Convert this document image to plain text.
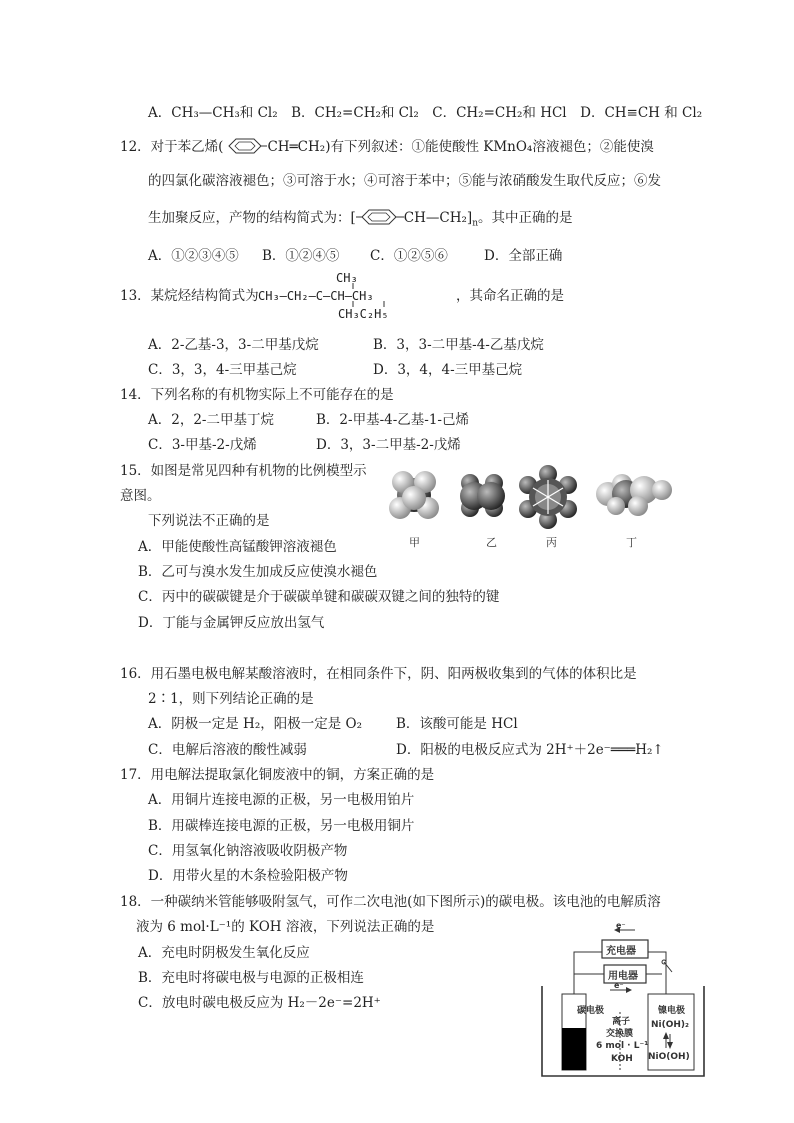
A．CH₃—CH₃和 Cl₂　B．CH₂=CH₂和 Cl₂　C．CH₂=CH₂和 HCl　D．CH≡CH 和 Cl₂
12．对于苯乙烯(	CH═CH₂)有下列叙述：①能使酸性 KMnO₄溶液褪色；②能使溴
的四氯化碳溶液褪色；③可溶于水；④可溶于苯中；⑤能与浓硝酸发生取代反应；⑥发
生加聚反应，产物的结构简式为：[	$CH—CH_2]_n$。其中正确的是
A．①②③④⑤ B．①②④⑤ C．①②⑤⑥	D．全部正确
13．某烷烃结构简式为
CH₃
CH₃—CH₂—C—CH—CH₃
CH₃C₂H₅
，其命名正确的是
A．2-乙基-3，3-二甲基戊烷	B．3，3-二甲基-4-乙基戊烷
C．3，3，4-三甲基己烷	D．3，4，4-三甲基己烷
14．下列名称的有机物实际上不可能存在的是
A．2，2-二甲基丁烷	B．2-甲基-4-乙基-1-己烯
C．3-甲基-2-戊烯	D．3，3-二甲基-2-戊烯
15．如图是常见四种有机物的比例模型示
意图。
下列说法不正确的是
A．甲能使酸性高锰酸钾溶液褪色
B．乙可与溴水发生加成反应使溴水褪色
C．丙中的碳碳键是介于碳碳单键和碳碳双键之间的独特的键
D．丁能与金属钾反应放出氢气
甲	乙	丙	丁
16．用石墨电极电解某酸溶液时，在相同条件下，阴、阳两极收集到的气体的体积比是
2∶1，则下列结论正确的是
A．阴极一定是 H₂，阳极一定是 O₂	B．该酸可能是 HCl
C．电解后溶液的酸性减弱	D．阳极的电极反应式为 2H⁺＋2e⁻═══H₂↑
17．用电解法提取氯化铜废液中的铜，方案正确的是
A．用铜片连接电源的正极，另一电极用铂片
B．用碳棒连接电源的正极，另一电极用铜片
C．用氢氧化钠溶液吸收阴极产物
D．用带火星的木条检验阳极产物
18．一种碳纳米管能够吸附氢气，可作二次电池(如下图所示)的碳电极。该电池的电解质溶
液为 6 mol·L⁻¹的 KOH 溶液，下列说法正确的是
A．充电时阴极发生氧化反应
B．充电时将碳电极与电源的正极相连
C．放电时碳电极反应为 H₂－2e⁻=2H⁺
e⁻
充电器
用电器
e⁻
碳电极	镍电极
离子
交换膜
6 mol · L⁻¹
KOH
Ni(OH)₂
NiO(OH)
